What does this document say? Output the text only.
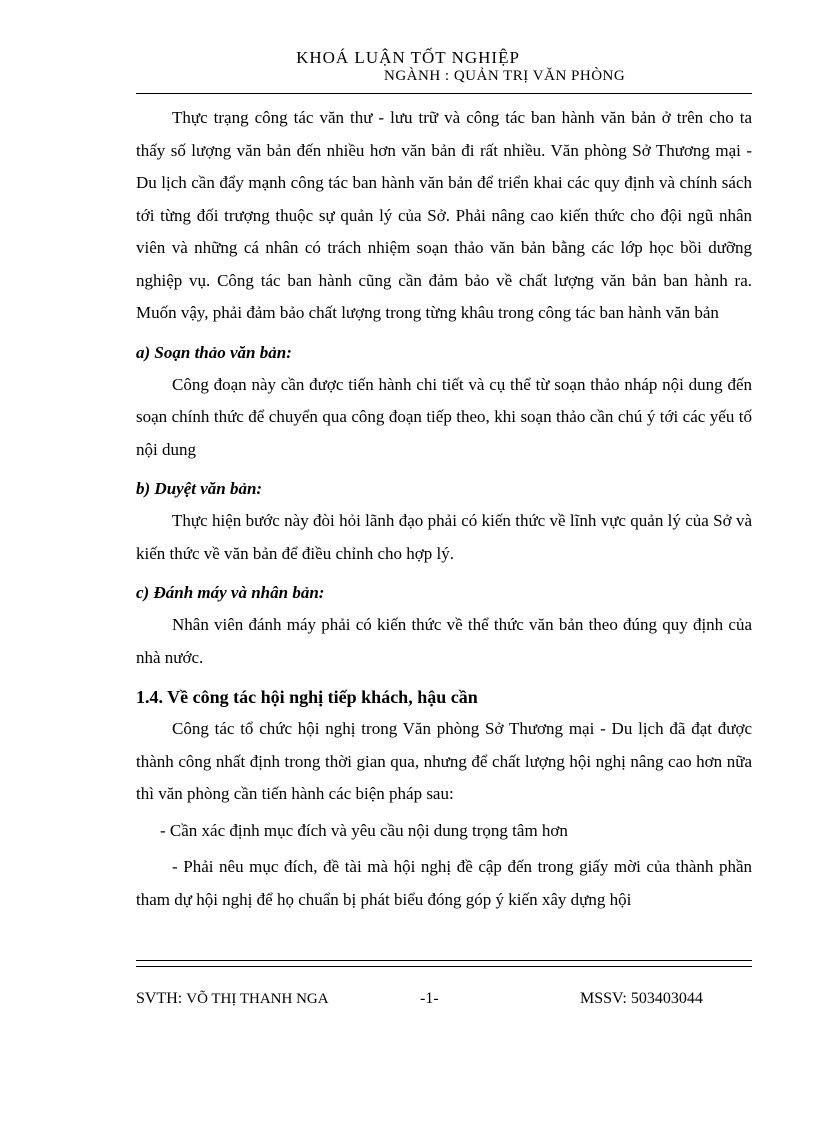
KHOÁ LUẬN TỐT NGHIỆP
NGÀNH : QUẢN TRỊ VĂN PHÒNG

Thực trạng công tác văn thư - lưu trữ và công tác ban hành văn bản ở trên cho ta thấy số lượng văn bản đến nhiều hơn văn bản đi rất nhiều. Văn phòng Sở Thương mại - Du lịch cần đẩy mạnh công tác ban hành văn bản để triển khai các quy định và chính sách tới từng đối trượng thuộc sự quản lý của Sở. Phải nâng cao kiến thức cho đội ngũ nhân viên và những cá nhân có trách nhiệm soạn thảo văn bản bằng các lớp học bồi dưỡng nghiệp vụ. Công tác ban hành cũng cần đảm bảo về chất lượng văn bản ban hành ra. Muốn vậy, phải đảm bảo chất lượng trong từng khâu trong công tác ban hành văn bản

a) Soạn thảo văn bản:

Công đoạn này cần được tiến hành chi tiết và cụ thể từ soạn thảo nháp nội dung đến soạn chính thức để chuyển qua công đoạn tiếp theo, khi soạn thảo cần chú ý tới các yếu tố nội dung

b) Duyệt văn bản:

Thực hiện bước này đòi hỏi lãnh đạo phải có kiến thức về lĩnh vực quản lý của Sở và kiến thức về văn bản để điều chỉnh cho hợp lý.

c) Đánh máy và nhân bản:

Nhân viên đánh máy phải có kiến thức về thể thức văn bản theo đúng quy định của nhà nước.

1.4. Về công tác hội nghị tiếp khách, hậu cần

Công tác tổ chức hội nghị trong Văn phòng Sở Thương mại - Du lịch đã đạt được thành công nhất định trong thời gian qua, nhưng để chất lượng hội nghị nâng cao hơn nữa thì văn phòng cần tiến hành các biện pháp sau:

- Cần xác định mục đích và yêu cầu nội dung trọng tâm hơn

- Phải nêu mục đích, đề tài mà hội nghị đề cập đến trong giấy mời của thành phần tham dự hội nghị để họ chuẩn bị phát biểu đóng góp ý kiến xây dựng hội

SVTH: VÕ THỊ THANH NGA	-1-	MSSV: 503403044
